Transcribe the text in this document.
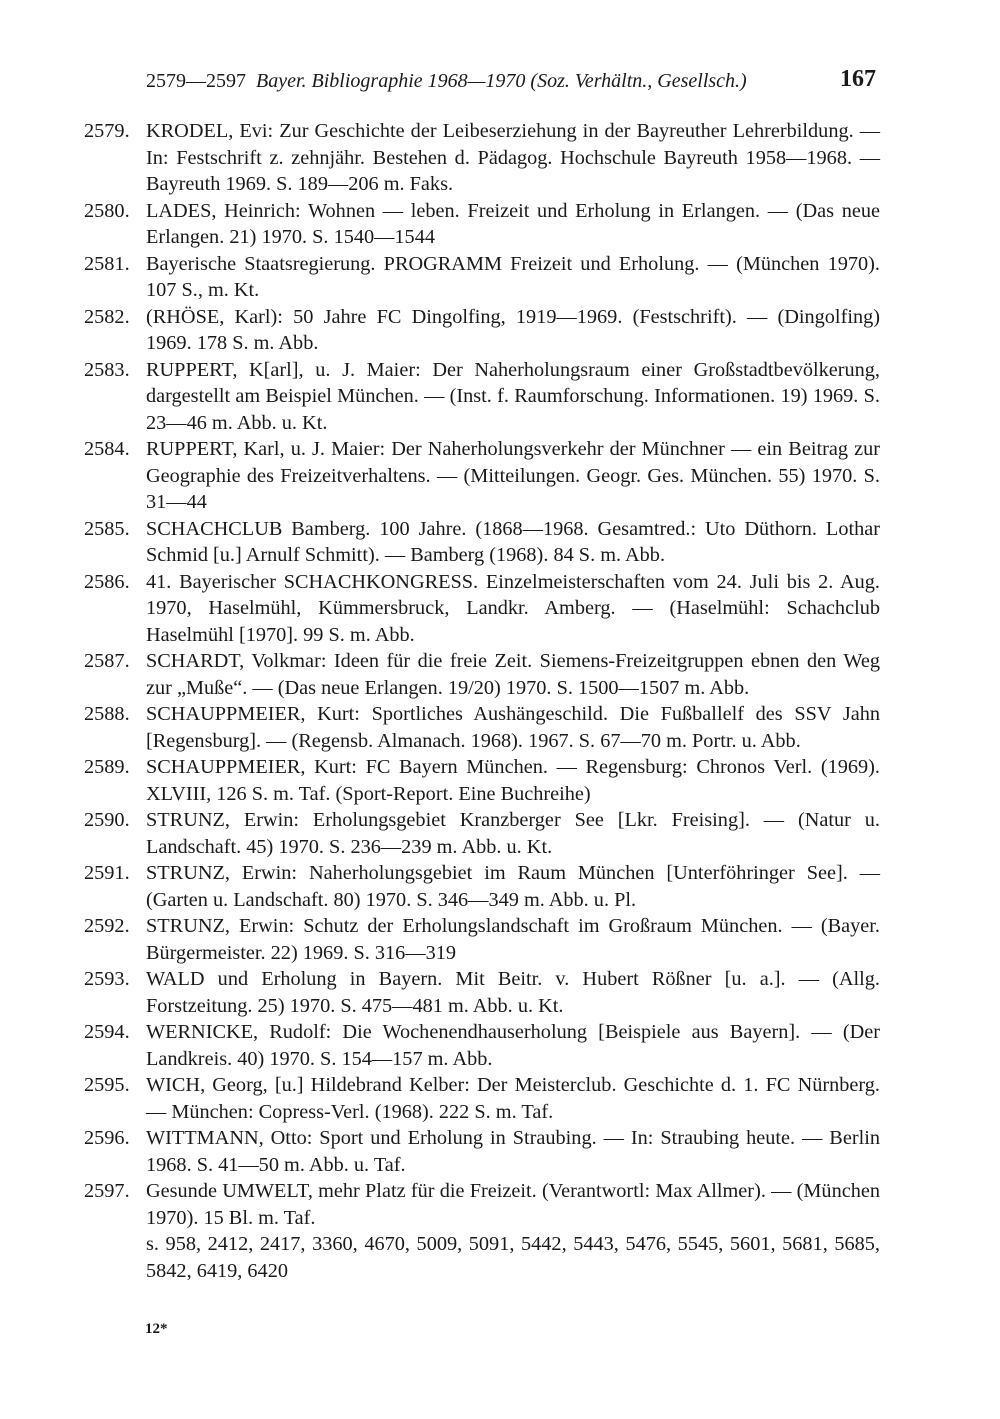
2579—2597 Bayer. Bibliographie 1968—1970 (Soz. Verhältn., Gesellsch.)	167

2579. KRODEL, Evi: Zur Geschichte der Leibeserziehung in der Bayreuther Lehrerbildung. — In: Festschrift z. zehnjähr. Bestehen d. Pädagog. Hochschule Bayreuth 1958—1968. — Bayreuth 1969. S. 189—206 m. Faks.

2580. LADES, Heinrich: Wohnen — leben. Freizeit und Erholung in Erlangen. — (Das neue Erlangen. 21) 1970. S. 1540—1544

2581. Bayerische Staatsregierung. PROGRAMM Freizeit und Erholung. — (München 1970). 107 S., m. Kt.

2582. (RHÖSE, Karl): 50 Jahre FC Dingolfing, 1919—1969. (Festschrift). — (Dingolfing) 1969. 178 S. m. Abb.

2583. RUPPERT, K[arl], u. J. Maier: Der Naherholungsraum einer Großstadtbevölkerung, dargestellt am Beispiel München. — (Inst. f. Raumforschung. Informationen. 19) 1969. S. 23—46 m. Abb. u. Kt.

2584. RUPPERT, Karl, u. J. Maier: Der Naherholungsverkehr der Münchner — ein Beitrag zur Geographie des Freizeitverhaltens. — (Mitteilungen. Geogr. Ges. München. 55) 1970. S. 31—44

2585. SCHACHCLUB Bamberg. 100 Jahre. (1868—1968. Gesamtred.: Uto Düthorn. Lothar Schmid [u.] Arnulf Schmitt). — Bamberg (1968). 84 S. m. Abb.

2586. 41. Bayerischer SCHACHKONGRESS. Einzelmeisterschaften vom 24. Juli bis 2. Aug. 1970, Haselmühl, Kümmersbruck, Landkr. Amberg. — (Haselmühl: Schachclub Haselmühl [1970]. 99 S. m. Abb.

2587. SCHARDT, Volkmar: Ideen für die freie Zeit. Siemens-Freizeitgruppen ebnen den Weg zur „Muße“. — (Das neue Erlangen. 19/20) 1970. S. 1500—1507 m. Abb.

2588. SCHAUPPMEIER, Kurt: Sportliches Aushängeschild. Die Fußballelf des SSV Jahn [Regensburg]. — (Regensb. Almanach. 1968). 1967. S. 67—70 m. Portr. u. Abb.

2589. SCHAUPPMEIER, Kurt: FC Bayern München. — Regensburg: Chronos Verl. (1969). XLVIII, 126 S. m. Taf. (Sport-Report. Eine Buchreihe)

2590. STRUNZ, Erwin: Erholungsgebiet Kranzberger See [Lkr. Freising]. — (Natur u. Landschaft. 45) 1970. S. 236—239 m. Abb. u. Kt.

2591. STRUNZ, Erwin: Naherholungsgebiet im Raum München [Unterföhringer See]. — (Garten u. Landschaft. 80) 1970. S. 346—349 m. Abb. u. Pl.

2592. STRUNZ, Erwin: Schutz der Erholungslandschaft im Großraum München. — (Bayer. Bürgermeister. 22) 1969. S. 316—319

2593. WALD und Erholung in Bayern. Mit Beitr. v. Hubert Rößner [u. a.]. — (Allg. Forstzeitung. 25) 1970. S. 475—481 m. Abb. u. Kt.

2594. WERNICKE, Rudolf: Die Wochenendhauserholung [Beispiele aus Bayern]. — (Der Landkreis. 40) 1970. S. 154—157 m. Abb.

2595. WICH, Georg, [u.] Hildebrand Kelber: Der Meisterclub. Geschichte d. 1. FC Nürnberg. — München: Copress-Verl. (1968). 222 S. m. Taf.

2596. WITTMANN, Otto: Sport und Erholung in Straubing. — In: Straubing heute. — Berlin 1968. S. 41—50 m. Abb. u. Taf.

2597. Gesunde UMWELT, mehr Platz für die Freizeit. (Verantwortl: Max Allmer). — (München 1970). 15 Bl. m. Taf.

s. 958, 2412, 2417, 3360, 4670, 5009, 5091, 5442, 5443, 5476, 5545, 5601, 5681, 5685, 5842, 6419, 6420

12*
